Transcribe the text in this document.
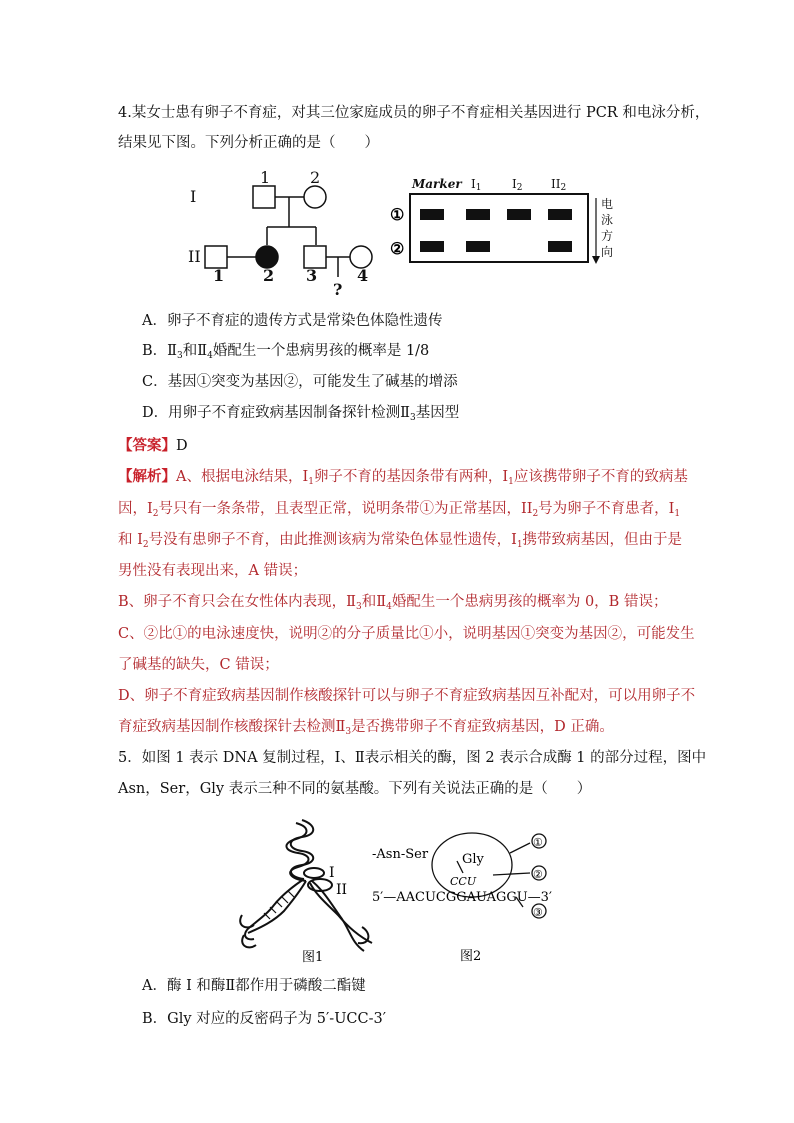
4.某女士患有卵子不育症，对其三位家庭成员的卵子不育症相关基因进行 PCR 和电泳分析，
结果见下图。下列分析正确的是（　　）
I
II
1 2
1 2 3 4
?
Marker I1	I2 II2
①
②
电
泳
方
向
A．卵子不育症的遗传方式是常染色体隐性遗传
B．$Ⅱ_3$和$Ⅱ_4$婚配生一个患病男孩的概率是 1/8
C．基因①突变为基因②，可能发生了碱基的增添
D．用卵子不育症致病基因制备探针检测$Ⅱ_3$基因型
【答案】D
【解析】A、根据电泳结果，$I_1$卵子不育的基因条带有两种，$I_1$应该携带卵子不育的致病基
因，$I_2$号只有一条条带，且表型正常，说明条带①为正常基因，$II_2$号为卵子不育患者，$I_1$
和 $I_2$号没有患卵子不育，由此推测该病为常染色体显性遗传，$I_1$携带致病基因，但由于是
男性没有表现出来，A 错误；
B、卵子不育只会在女性体内表现，$Ⅱ_3$和$Ⅱ_4$婚配生一个患病男孩的概率为 0，B 错误；
C、②比①的电泳速度快，说明②的分子质量比①小，说明基因①突变为基因②，可能发生
了碱基的缺失，C 错误；
D、卵子不育症致病基因制作核酸探针可以与卵子不育症致病基因互补配对，可以用卵子不
育症致病基因制作核酸探针去检测$Ⅱ_3$是否携带卵子不育症致病基因，D 正确。
5．如图 1 表示 DNA 复制过程，I、Ⅱ表示相关的酶，图 2 表示合成酶 1 的部分过程，图中
Asn，Ser，Gly 表示三种不同的氨基酸。下列有关说法正确的是（　　）
I
II
图1
-Asn-Ser	Gly
CCU
5′—AACUCGGAUAGGU—3′
①
②
③
图2
A．酶 I 和酶Ⅱ都作用于磷酸二酯键
B．Gly 对应的反密码子为 5′-UCC-3′
